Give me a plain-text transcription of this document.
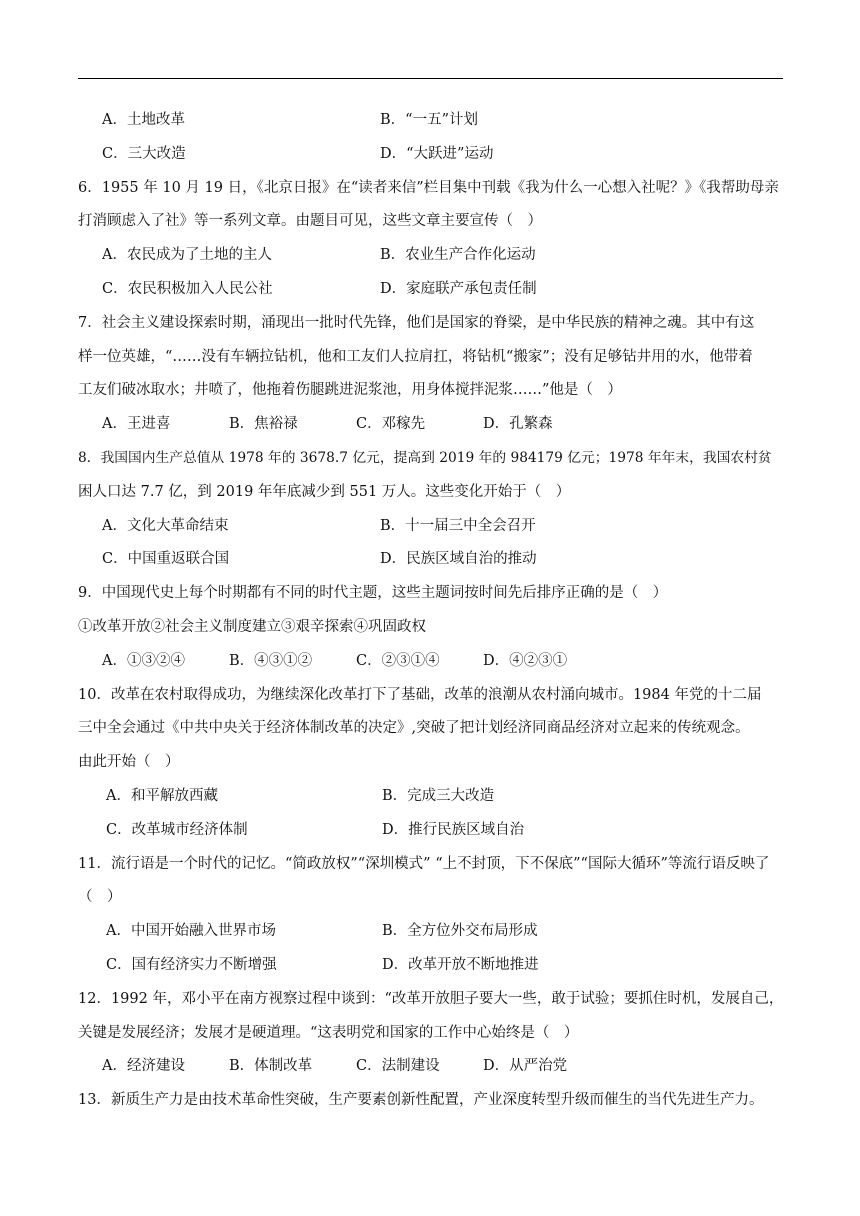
A．土地改革	B．“一五”计划
C．三大改造	D．“大跃进”运动
6．1955 年 10 月 19 日，《北京日报》在“读者来信”栏目集中刊载《我为什么一心想入社呢？》《我帮助母亲
打消顾虑入了社》等一系列文章。由题目可见，这些文章主要宣传（　）
A．农民成为了土地的主人	B．农业生产合作化运动
C．农民积极加入人民公社	D．家庭联产承包责任制
7．社会主义建设探索时期，涌现出一批时代先锋，他们是国家的脊梁，是中华民族的精神之魂。其中有这
样一位英雄，“……没有车辆拉钻机，他和工友们人拉肩扛，将钻机“搬家”；没有足够钻井用的水，他带着
工友们破冰取水；井喷了，他拖着伤腿跳进泥浆池，用身体搅拌泥浆……”他是（　）
A．王进喜	B．焦裕禄	C．邓稼先	D．孔繁森
8．我国国内生产总值从 1978 年的 3678.7 亿元，提高到 2019 年的 984179 亿元；1978 年年末，我国农村贫
困人口达 7.7 亿，到 2019 年年底减少到 551 万人。这些变化开始于（　）
A．文化大革命结束	B．十一届三中全会召开
C．中国重返联合国	D．民族区域自治的推动
9．中国现代史上每个时期都有不同的时代主题，这些主题词按时间先后排序正确的是（　）
①改革开放②社会主义制度建立③艰辛探索④巩固政权
A．①③②④	B．④③①②	C．②③①④	D．④②③①
10．改革在农村取得成功，为继续深化改革打下了基础，改革的浪潮从农村涌向城市。1984 年党的十二届
三中全会通过《中共中央关于经济体制改革的决定》,突破了把计划经济同商品经济对立起来的传统观念。
由此开始（　）
A．和平解放西藏	B．完成三大改造
C．改革城市经济体制	D．推行民族区域自治
11．流行语是一个时代的记忆。“简政放权”“深圳模式” “上不封顶，下不保底”“国际大循环”等流行语反映了
（　）
A．中国开始融入世界市场	B．全方位外交布局形成
C．国有经济实力不断增强	D．改革开放不断地推进
12．1992 年，邓小平在南方视察过程中谈到：“改革开放胆子要大一些，敢于试验；要抓住时机，发展自己，
关键是发展经济；发展才是硬道理。“这表明党和国家的工作中心始终是（　）
A．经济建设	B．体制改革	C．法制建设	D．从严治党
13．新质生产力是由技术革命性突破，生产要素创新性配置，产业深度转型升级而催生的当代先进生产力。
